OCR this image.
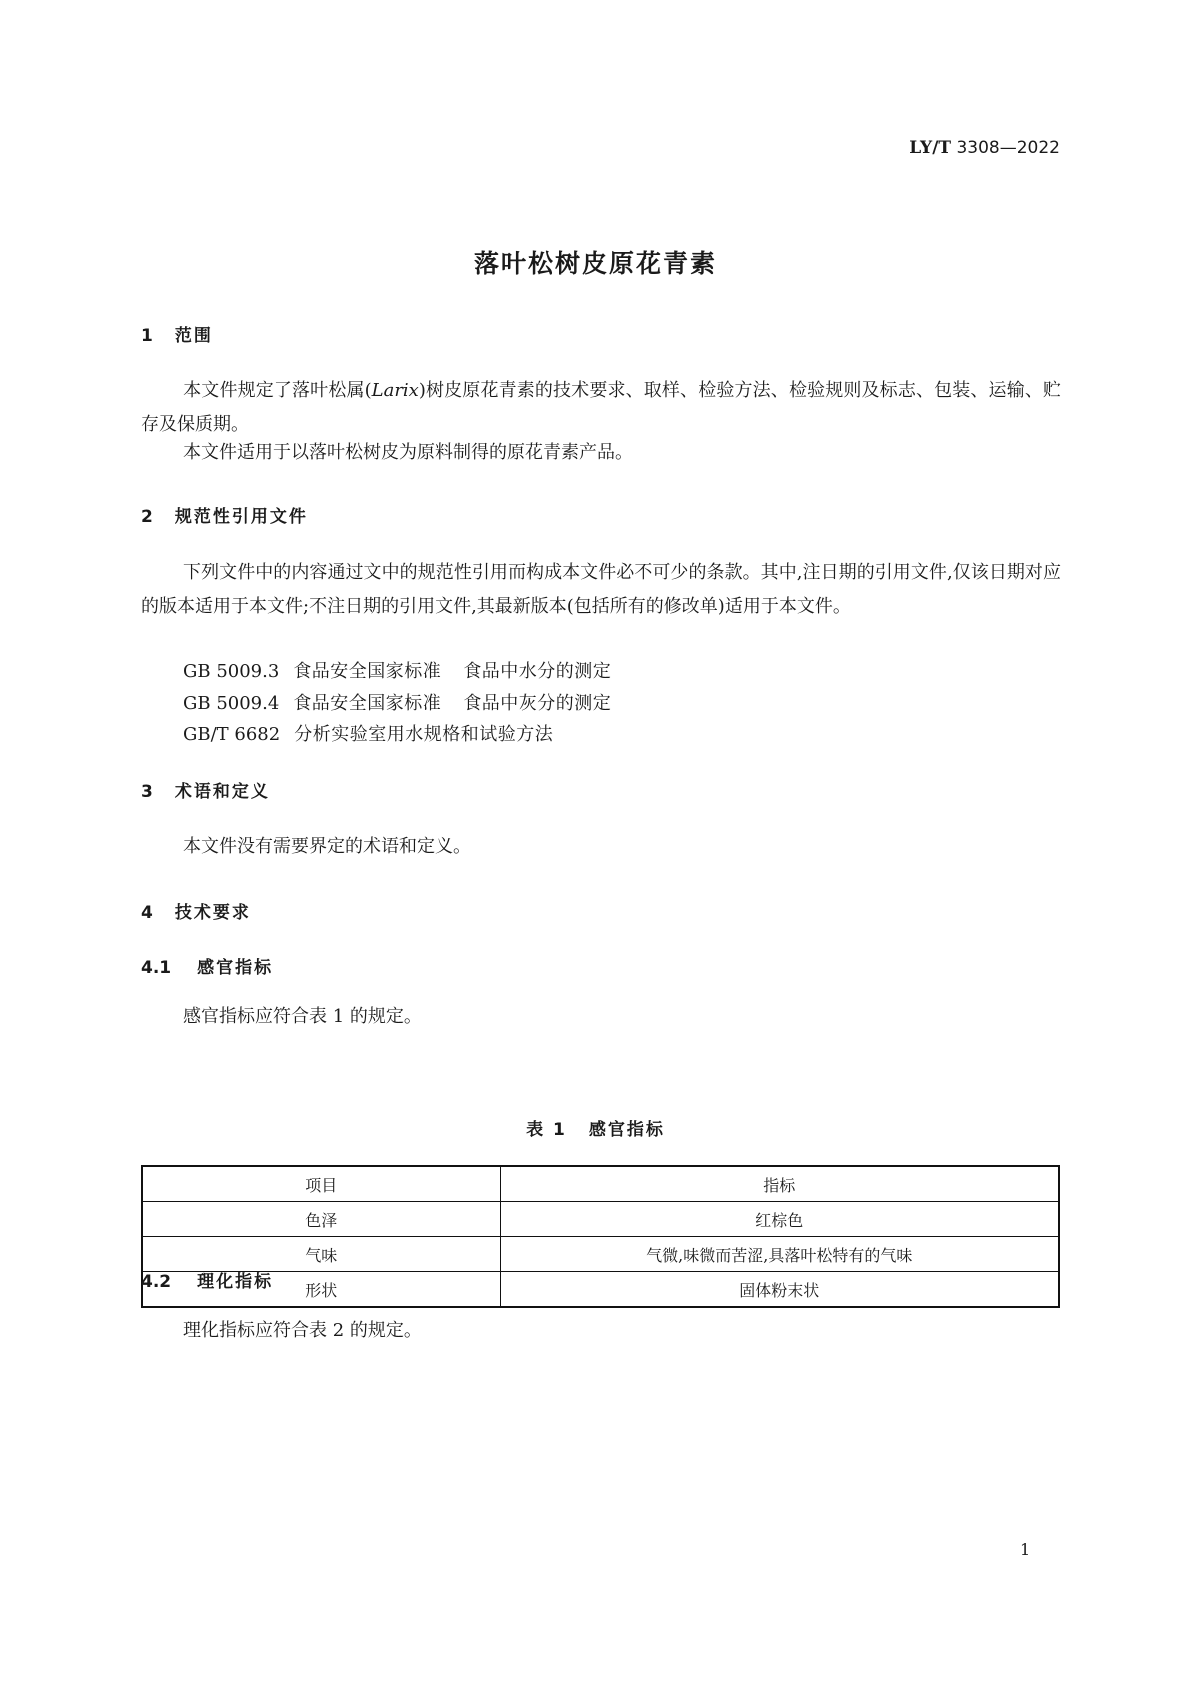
LY/T 3308—2022

落叶松树皮原花青素
1 范围

本文件规定了落叶松属(Larix)树皮原花青素的技术要求、取样、检验方法、检验规则及标志、包装、运输、贮存及保质期。

本文件适用于以落叶松树皮为原料制得的原花青素产品。

2 规范性引用文件

下列文件中的内容通过文中的规范性引用而构成本文件必不可少的条款。其中,注日期的引用文件,仅该日期对应的版本适用于本文件;不注日期的引用文件,其最新版本(包括所有的修改单)适用于本文件。

GB 5009.3 食品安全国家标准 食品中水分的测定

GB 5009.4 食品安全国家标准 食品中灰分的测定

GB/T 6682 分析实验室用水规格和试验方法

3 术语和定义

本文件没有需要界定的术语和定义。

4 技术要求
4.1 感官指标

感官指标应符合表 1 的规定。

表 1 感官指标

项目	指标
色泽	红棕色
气味	气微,味微而苦涩,具落叶松特有的气味
形状	固体粉末状
4.2 理化指标

理化指标应符合表 2 的规定。

1
